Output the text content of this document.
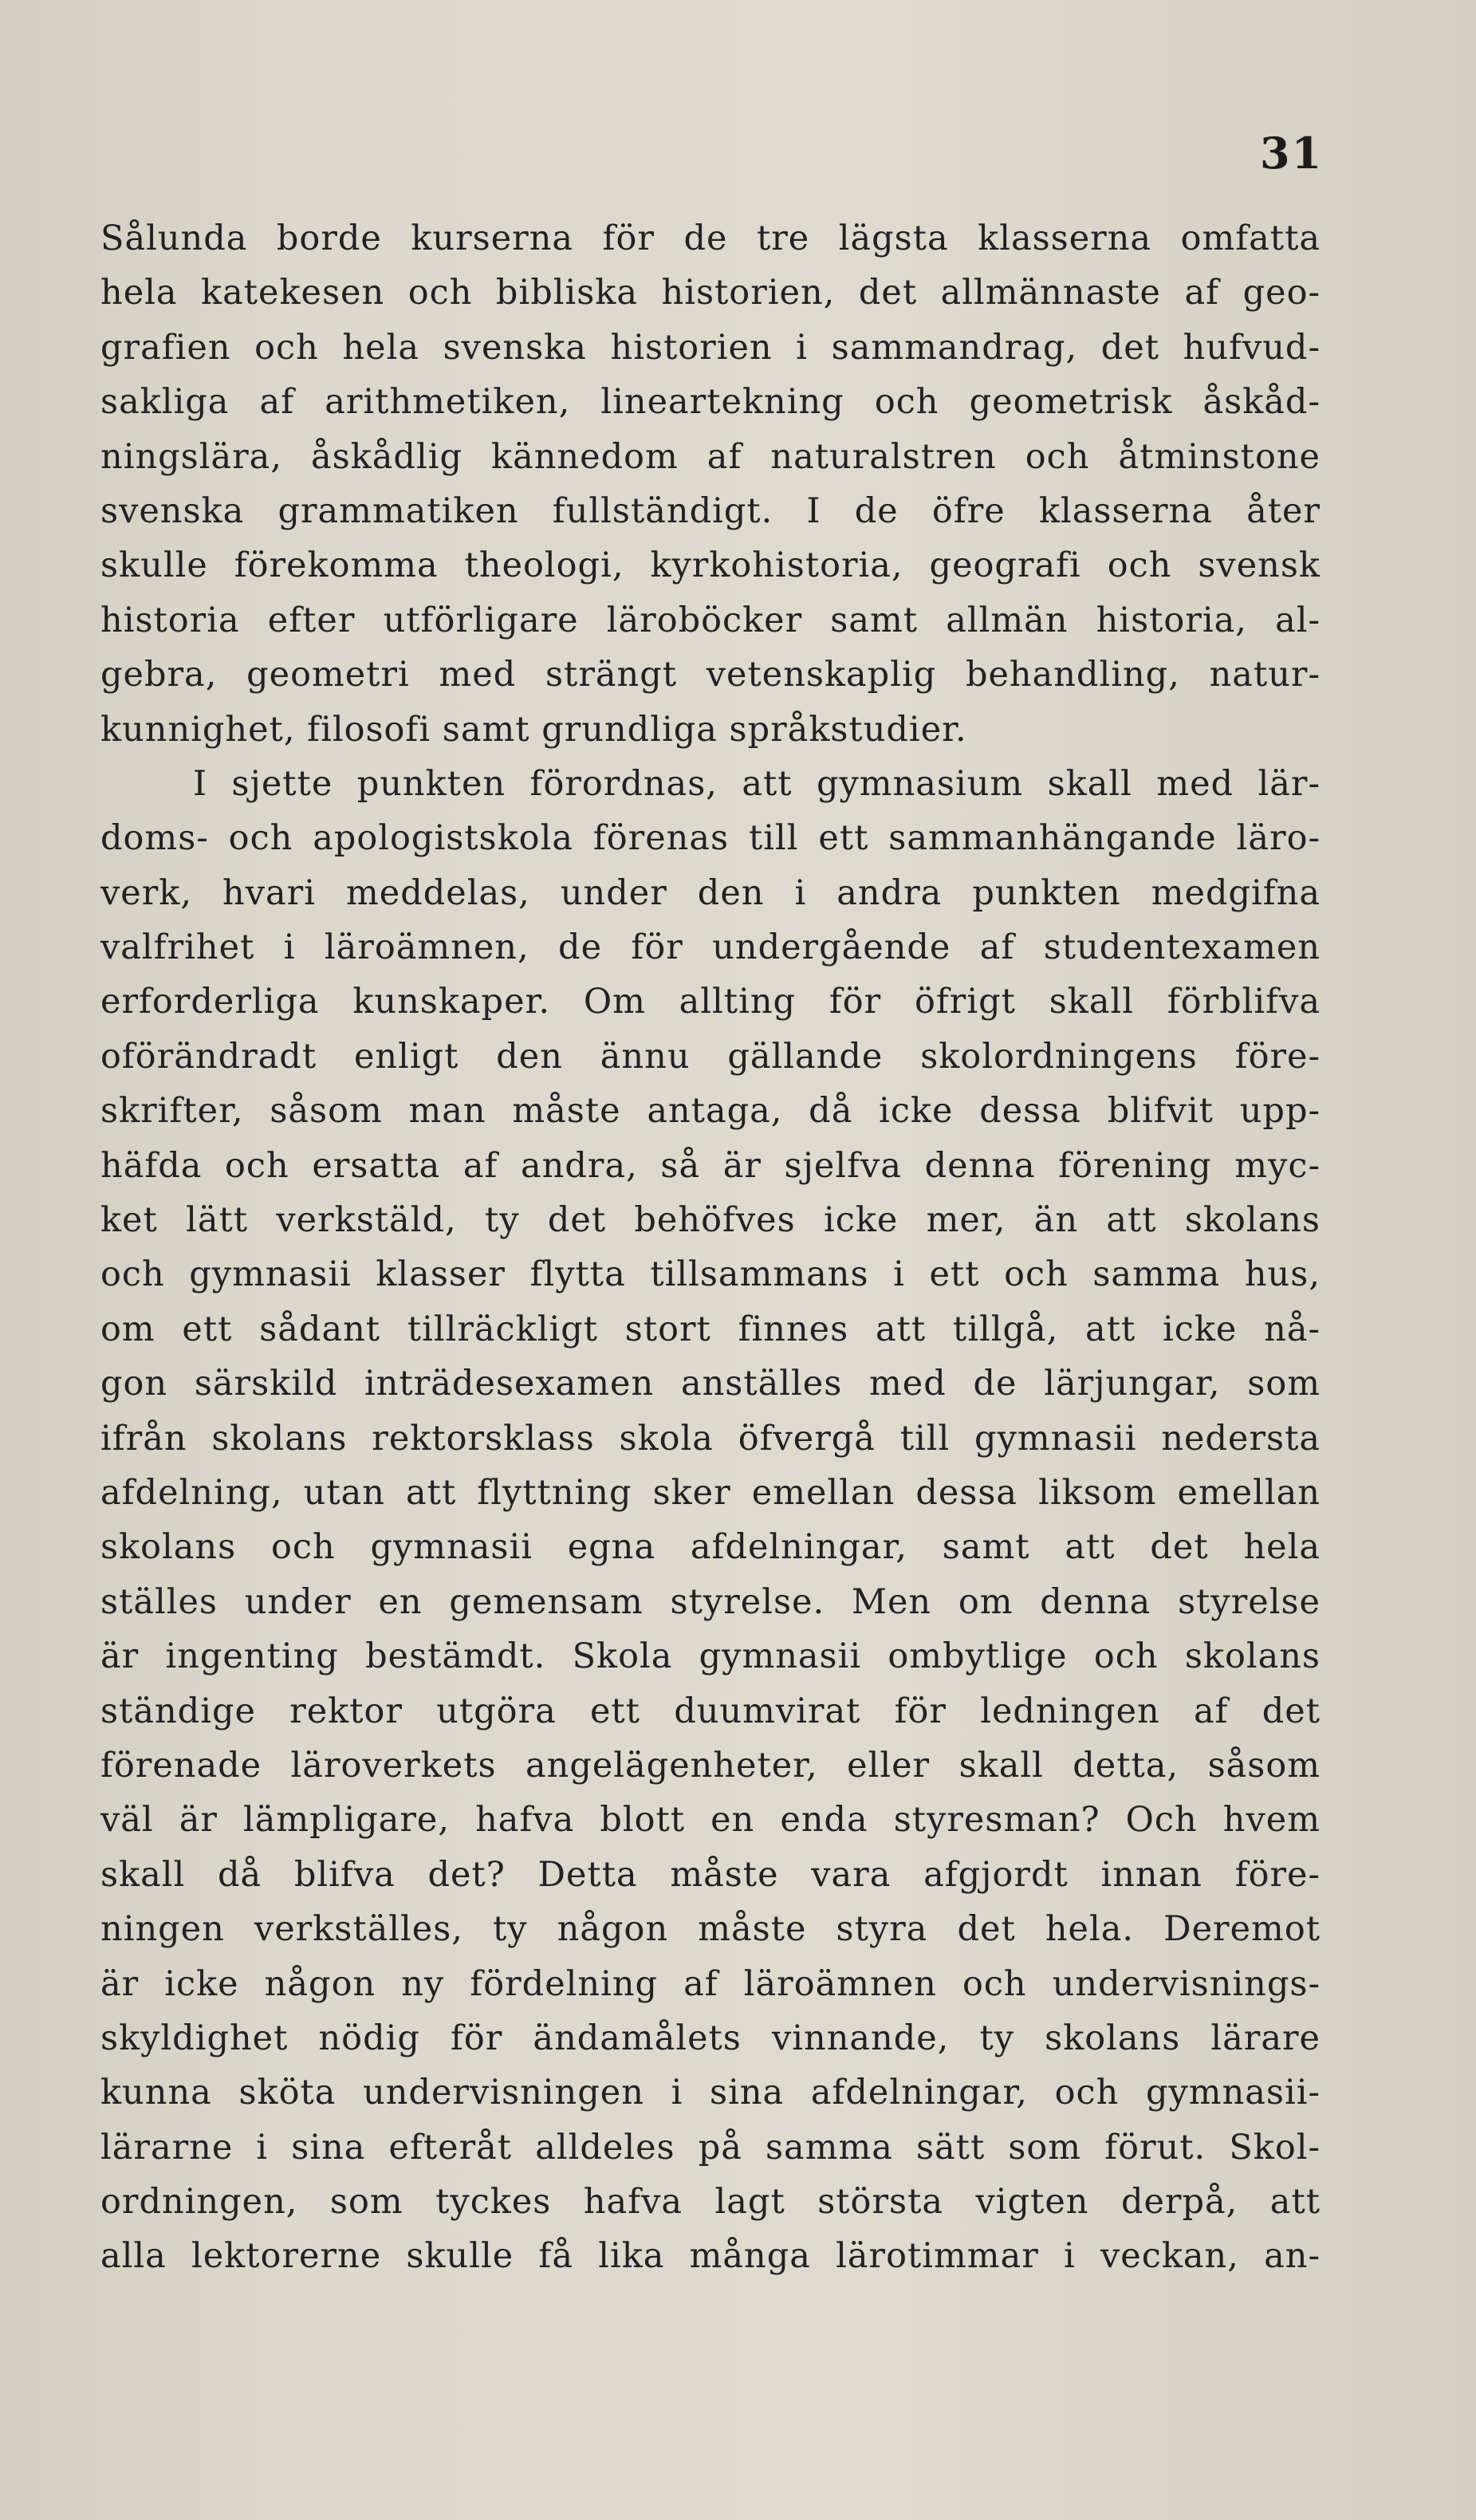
31
Sålunda borde kurserna för de tre lägsta klasserna omfatta
hela katekesen och bibliska historien, det allmännaste af geo-
grafien och hela svenska historien i sammandrag, det hufvud-
sakliga af arithmetiken, lineartekning och geometrisk åskåd-
ningslära, åskådlig kännedom af naturalstren och åtminstone
svenska grammatiken fullständigt. I de öfre klasserna åter
skulle förekomma theologi, kyrkohistoria, geografi och svensk
historia efter utförligare läroböcker samt allmän historia, al-
gebra, geometri med strängt vetenskaplig behandling, natur-
kunnighet, filosofi samt grundliga språkstudier.
I sjette punkten förordnas, att gymnasium skall med lär-
doms- och apologistskola förenas till ett sammanhängande läro-
verk, hvari meddelas, under den i andra punkten medgifna
valfrihet i läroämnen, de för undergående af studentexamen
erforderliga kunskaper. Om allting för öfrigt skall förblifva
oförändradt enligt den ännu gällande skolordningens före-
skrifter, såsom man måste antaga, då icke dessa blifvit upp-
häfda och ersatta af andra, så är sjelfva denna förening myc-
ket lätt verkstäld, ty det behöfves icke mer, än att skolans
och gymnasii klasser flytta tillsammans i ett och samma hus,
om ett sådant tillräckligt stort finnes att tillgå, att icke nå-
gon särskild inträdesexamen anställes med de lärjungar, som
ifrån skolans rektorsklass skola öfvergå till gymnasii nedersta
afdelning, utan att flyttning sker emellan dessa liksom emellan
skolans och gymnasii egna afdelningar, samt att det hela
ställes under en gemensam styrelse. Men om denna styrelse
är ingenting bestämdt. Skola gymnasii ombytlige och skolans
ständige rektor utgöra ett duumvirat för ledningen af det
förenade läroverkets angelägenheter, eller skall detta, såsom
väl är lämpligare, hafva blott en enda styresman? Och hvem
skall då blifva det? Detta måste vara afgjordt innan före-
ningen verkställes, ty någon måste styra det hela. Deremot
är icke någon ny fördelning af läroämnen och undervisnings-
skyldighet nödig för ändamålets vinnande, ty skolans lärare
kunna sköta undervisningen i sina afdelningar, och gymnasii-
lärarne i sina efteråt alldeles på samma sätt som förut. Skol-
ordningen, som tyckes hafva lagt största vigten derpå, att
alla lektorerne skulle få lika många lärotimmar i veckan, an-
